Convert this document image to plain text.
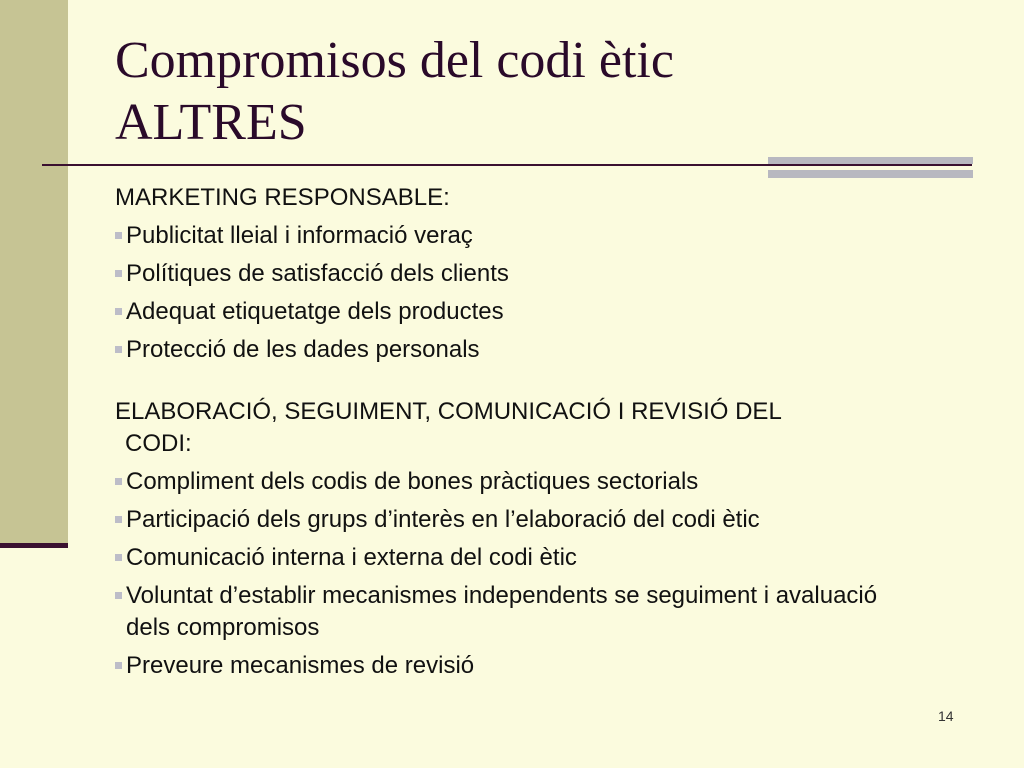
Compromisos del codi ètic
ALTRES
MARKETING RESPONSABLE:
Publicitat lleial i informació veraç
Polítiques de satisfacció dels clients
Adequat etiquetatge dels productes
Protecció de les dades personals
ELABORACIÓ, SEGUIMENT, COMUNICACIÓ I REVISIÓ DEL
CODI:
Compliment dels codis de bones pràctiques sectorials
Participació dels grups d’interès en l’elaboració del codi ètic
Comunicació interna i externa del codi ètic
Voluntat d’establir mecanismes independents se seguiment i avaluació dels compromisos
Preveure mecanismes de revisió
14
